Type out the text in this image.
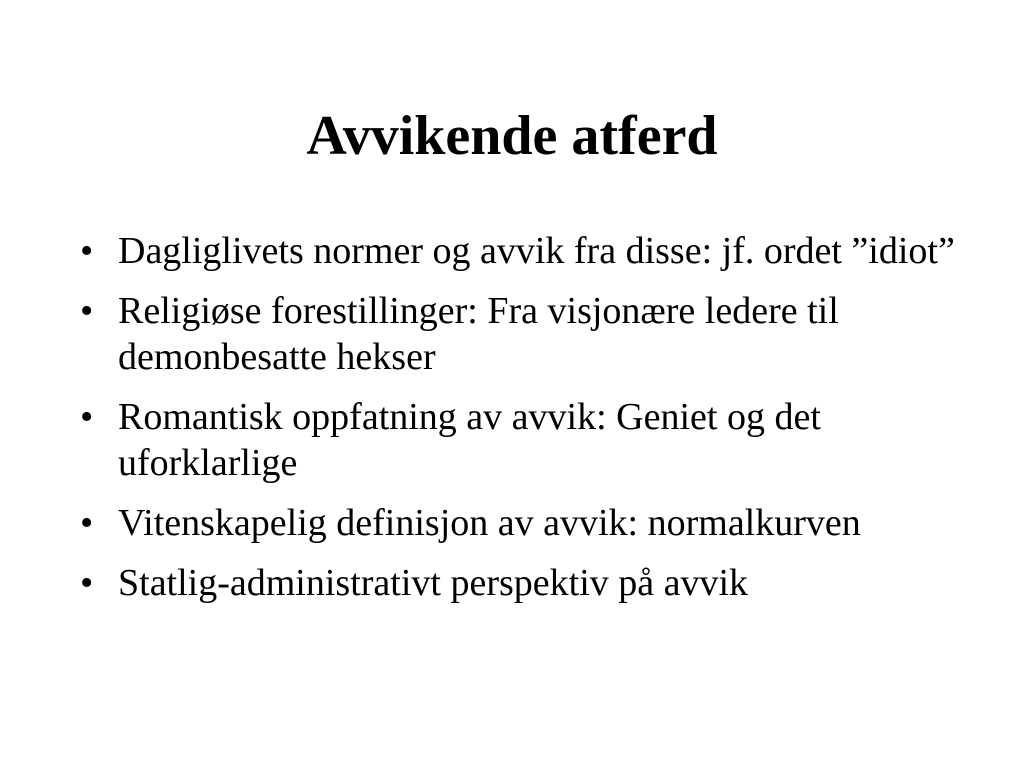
Avvikende atferd
• Dagliglivets normer og avvik fra disse: jf. ordet ”idiot”
• Religiøse forestillinger: Fra visjonære ledere til demonbesatte hekser
• Romantisk oppfatning av avvik: Geniet og det uforklarlige
• Vitenskapelig definisjon av avvik: normalkurven
• Statlig-administrativt perspektiv på avvik
